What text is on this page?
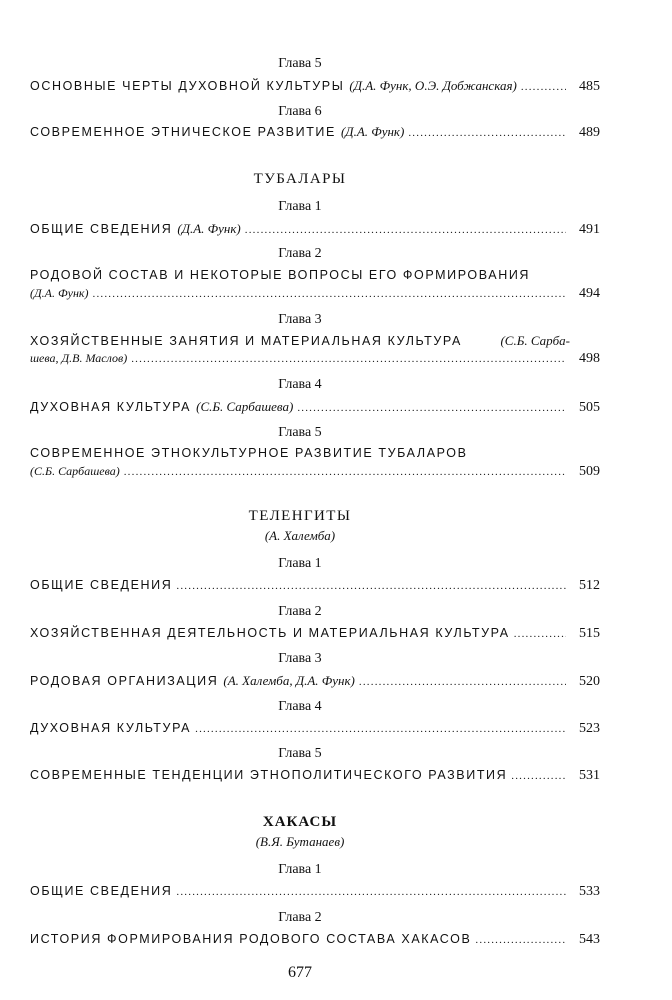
Глава 5
ОСНОВНЫЕ ЧЕРТЫ ДУХОВНОЙ КУЛЬТУРЫ (Д.А. Функ, О.Э. Добжанская) .....	485
Глава 6
СОВРЕМЕННОЕ ЭТНИЧЕСКОЕ РАЗВИТИЕ (Д.А. Функ) .....	489
ТУБАЛАРЫ
Глава 1
ОБЩИЕ СВЕДЕНИЯ (Д.А. Функ) .....	491
Глава 2
РОДОВОЙ СОСТАВ И НЕКОТОРЫЕ ВОПРОСЫ ЕГО ФОРМИРОВАНИЯ
(Д.А. Функ) .....	494
Глава 3
ХОЗЯЙСТВЕННЫЕ ЗАНЯТИЯ И МАТЕРИАЛЬНАЯ КУЛЬТУРА	(С.Б. Сарба-
шева, Д.В. Маслов) .....	498
Глава 4
ДУХОВНАЯ КУЛЬТУРА (С.Б. Сарбашева) .....	505
Глава 5
СОВРЕМЕННОЕ ЭТНОКУЛЬТУРНОЕ РАЗВИТИЕ ТУБАЛАРОВ
(С.Б. Сарбашева) .....	509
ТЕЛЕНГИТЫ
(А. Халемба)
Глава 1
ОБЩИЕ СВЕДЕНИЯ .....	512
Глава 2
ХОЗЯЙСТВЕННАЯ ДЕЯТЕЛЬНОСТЬ И МАТЕРИАЛЬНАЯ КУЛЬТУРА .....	515
Глава 3
РОДОВАЯ ОРГАНИЗАЦИЯ (А. Халемба, Д.А. Функ) .....	520
Глава 4
ДУХОВНАЯ КУЛЬТУРА .....	523
Глава 5
СОВРЕМЕННЫЕ ТЕНДЕНЦИИ ЭТНОПОЛИТИЧЕСКОГО РАЗВИТИЯ .....	531
ХАКАСЫ
(В.Я. Бутанаев)
Глава 1
ОБЩИЕ СВЕДЕНИЯ .....	533
Глава 2
ИСТОРИЯ ФОРМИРОВАНИЯ РОДОВОГО СОСТАВА ХАКАСОВ .....	543
677
